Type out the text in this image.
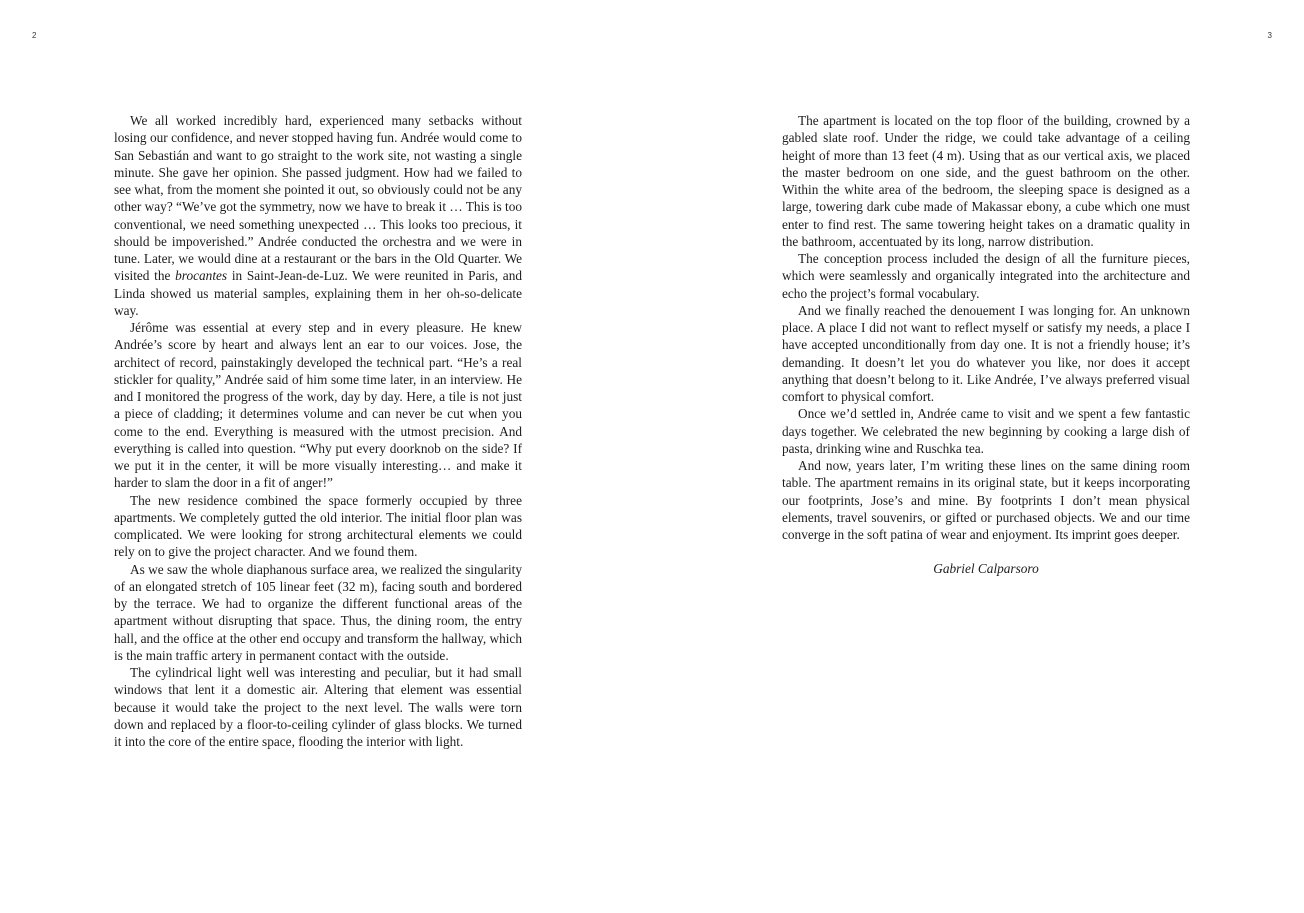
2

We all worked incredibly hard, experienced many setbacks without losing our confidence, and never stopped having fun. Andrée would come to San Sebastián and want to go straight to the work site, not wasting a single minute. She gave her opinion. She passed judgment. How had we failed to see what, from the moment she pointed it out, so obviously could not be any other way? “We’ve got the symmetry, now we have to break it … This is too conventional, we need something unexpected … This looks too precious, it should be impoverished.” Andrée conducted the orchestra and we were in tune. Later, we would dine at a restaurant or the bars in the Old Quarter. We visited the brocantes in Saint-Jean-de-Luz. We were reunited in Paris, and Linda showed us material samples, explaining them in her oh-so-delicate way.

Jérôme was essential at every step and in every pleasure. He knew Andrée’s score by heart and always lent an ear to our voices. Jose, the architect of record, painstakingly developed the technical part. “He’s a real stickler for quality,” Andrée said of him some time later, in an interview. He and I monitored the progress of the work, day by day. Here, a tile is not just a piece of cladding; it determines volume and can never be cut when you come to the end. Everything is measured with the utmost precision. And everything is called into question. “Why put every doorknob on the side? If we put it in the center, it will be more visually interesting… and make it harder to slam the door in a fit of anger!”

The new residence combined the space formerly occupied by three apartments. We completely gutted the old interior. The initial floor plan was complicated. We were looking for strong architectural elements we could rely on to give the project character. And we found them.

As we saw the whole diaphanous surface area, we realized the singularity of an elongated stretch of 105 linear feet (32 m), facing south and bordered by the terrace. We had to organize the different functional areas of the apartment without disrupting that space. Thus, the dining room, the entry hall, and the office at the other end occupy and transform the hallway, which is the main traffic artery in permanent contact with the outside.

The cylindrical light well was interesting and peculiar, but it had small windows that lent it a domestic air. Altering that element was essential because it would take the project to the next level. The walls were torn down and replaced by a floor-to-ceiling cylinder of glass blocks. We turned it into the core of the entire space, flooding the interior with light.

3

The apartment is located on the top floor of the building, crowned by a gabled slate roof. Under the ridge, we could take advantage of a ceiling height of more than 13 feet (4 m). Using that as our vertical axis, we placed the master bedroom on one side, and the guest bathroom on the other. Within the white area of the bedroom, the sleeping space is designed as a large, towering dark cube made of Makassar ebony, a cube which one must enter to find rest. The same towering height takes on a dramatic quality in the bathroom, accentuated by its long, narrow distribution.

The conception process included the design of all the furniture pieces, which were seamlessly and organically integrated into the architecture and echo the project’s formal vocabulary.

And we finally reached the denouement I was longing for. An unknown place. A place I did not want to reflect myself or satisfy my needs, a place I have accepted unconditionally from day one. It is not a friendly house; it’s demanding. It doesn’t let you do whatever you like, nor does it accept anything that doesn’t belong to it. Like Andrée, I’ve always preferred visual comfort to physical comfort.

Once we’d settled in, Andrée came to visit and we spent a few fantastic days together. We celebrated the new beginning by cooking a large dish of pasta, drinking wine and Ruschka tea.

And now, years later, I’m writing these lines on the same dining room table. The apartment remains in its original state, but it keeps incorporating our footprints, Jose’s and mine. By footprints I don’t mean physical elements, travel souvenirs, or gifted or purchased objects. We and our time converge in the soft patina of wear and enjoyment. Its imprint goes deeper.

Gabriel Calparsoro
